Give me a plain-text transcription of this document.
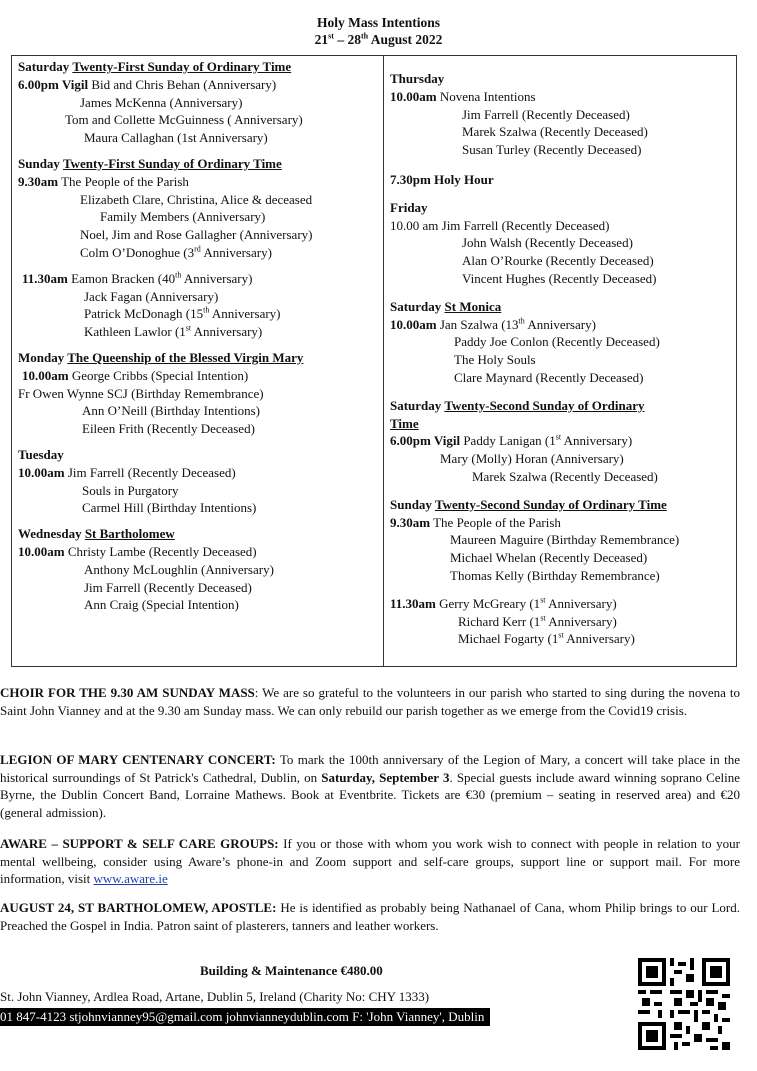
Holy Mass Intentions
21st – 28th August 2022
Saturday Twenty-First Sunday of Ordinary Time
6.00pm Vigil Bid and Chris Behan (Anniversary)
James McKenna (Anniversary)
Tom and Collette McGuinness ( Anniversary)
Maura Callaghan (1st Anniversary)
Sunday Twenty-First Sunday of Ordinary Time
9.30am The People of the Parish
Elizabeth Clare, Christina, Alice & deceased
Family Members (Anniversary)
Noel, Jim and Rose Gallagher (Anniversary)
Colm O’Donoghue (3rd Anniversary)
11.30am Eamon Bracken (40th Anniversary)
Jack Fagan (Anniversary)
Patrick McDonagh (15th Anniversary)
Kathleen Lawlor (1st Anniversary)
Monday The Queenship of the Blessed Virgin Mary
10.00am George Cribbs (Special Intention)
Fr Owen Wynne SCJ (Birthday Remembrance)
Ann O’Neill (Birthday Intentions)
Eileen Frith (Recently Deceased)
Tuesday
10.00am Jim Farrell (Recently Deceased)
Souls in Purgatory
Carmel Hill (Birthday Intentions)
Wednesday St Bartholomew
10.00am Christy Lambe (Recently Deceased)
Anthony McLoughlin (Anniversary)
Jim Farrell (Recently Deceased)
Ann Craig (Special Intention)
Thursday
10.00am Novena Intentions
Jim Farrell (Recently Deceased)
Marek Szalwa (Recently Deceased)
Susan Turley (Recently Deceased)
7.30pm Holy Hour
Friday
10.00 am Jim Farrell (Recently Deceased)
John Walsh (Recently Deceased)
Alan O’Rourke (Recently Deceased)
Vincent Hughes (Recently Deceased)
Saturday St Monica
10.00am Jan Szalwa (13th Anniversary)
Paddy Joe Conlon (Recently Deceased)
The Holy Souls
Clare Maynard (Recently Deceased)
Saturday Twenty-Second Sunday of Ordinary
Time
6.00pm Vigil Paddy Lanigan (1st Anniversary)
Mary (Molly) Horan (Anniversary)
Marek Szalwa (Recently Deceased)
Sunday Twenty-Second Sunday of Ordinary Time
9.30am The People of the Parish
Maureen Maguire (Birthday Remembrance)
Michael Whelan (Recently Deceased)
Thomas Kelly (Birthday Remembrance)
11.30am Gerry McGreary (1st Anniversary)
Richard Kerr (1st Anniversary)
Michael Fogarty (1st Anniversary)
CHOIR FOR THE 9.30 AM SUNDAY MASS: We are so grateful to the volunteers in our parish who started to sing during the novena to Saint John Vianney and at the 9.30 am Sunday mass. We can only rebuild our parish together as we emerge from the Covid19 crisis.
LEGION OF MARY CENTENARY CONCERT: To mark the 100th anniversary of the Legion of Mary, a concert will take place in the historical surroundings of St Patrick's Cathedral, Dublin, on Saturday, September 3. Special guests include award winning soprano Celine Byrne, the Dublin Concert Band, Lorraine Mathews. Book at Eventbrite. Tickets are €30 (premium – seating in reserved area) and €20 (general admission).
AWARE – SUPPORT & SELF CARE GROUPS: If you or those with whom you work wish to connect with people in relation to your mental wellbeing, consider using Aware’s phone-in and Zoom support and self-care groups, support line or support mail. For more information, visit www.aware.ie
AUGUST 24, ST BARTHOLOMEW, APOSTLE: He is identified as probably being Nathanael of Cana, whom Philip brings to our Lord. Preached the Gospel in India. Patron saint of plasterers, tanners and leather workers.
Building & Maintenance €480.00
St. John Vianney, Ardlea Road, Artane, Dublin 5, Ireland (Charity No: CHY 1333)
01 847-4123 stjohnvianney95@gmail.com johnvianneydublin.com F: 'John Vianney', Dublin
